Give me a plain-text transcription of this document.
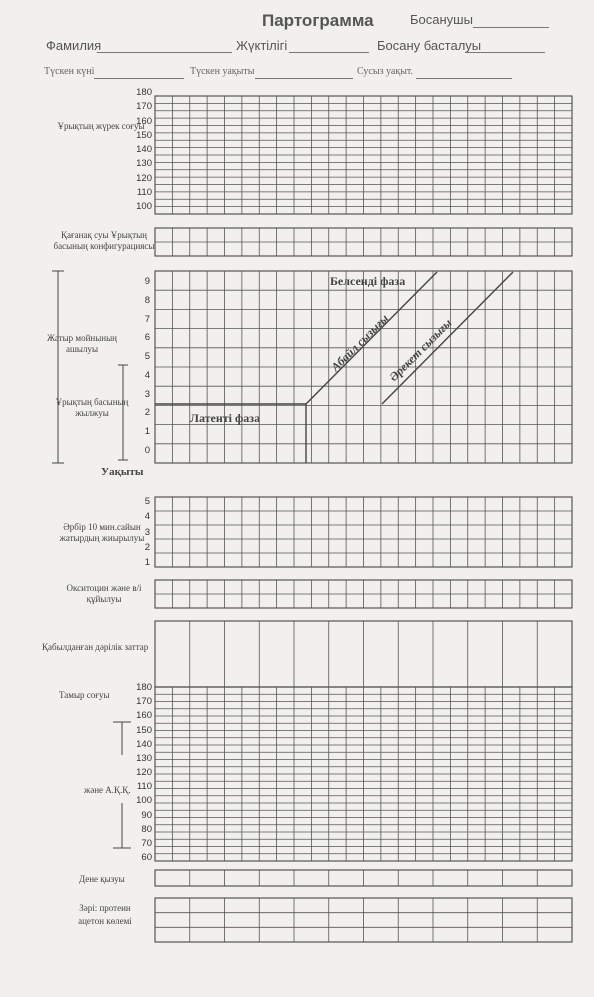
Партограмма	Босанушы
Фамилия	Жүктілігі	Босану басталуы
Түскен күні	Түскен уақыты	Сусыз уақыт.
Ұрықтың жүрек соғуы
Қағанақ суы Ұрықтың басының конфигурациясы
Жатыр мойнының ашылуы
Ұрықтың басының жылжуы
Уақыты
Әрбір 10 мин.сайын жатырдың жиырылуы
Окситоцин және в/і құйылуы
Қабылданған дәрілік заттар
Тамыр соғуы
және А.Қ.Қ.
Дене қызуы
Зәрі: протеин ацетон көлемі
180
170
160
150
140
130
120
110
100
9
8
7
6
5
4
3
2
1
0
5
4
3
2
1
180
170
160
150
140
130
120
110
100
90
80
70
60
Белсенді фаза
Латенті фаза
Абайл сызығы
Әрекет сызығы
